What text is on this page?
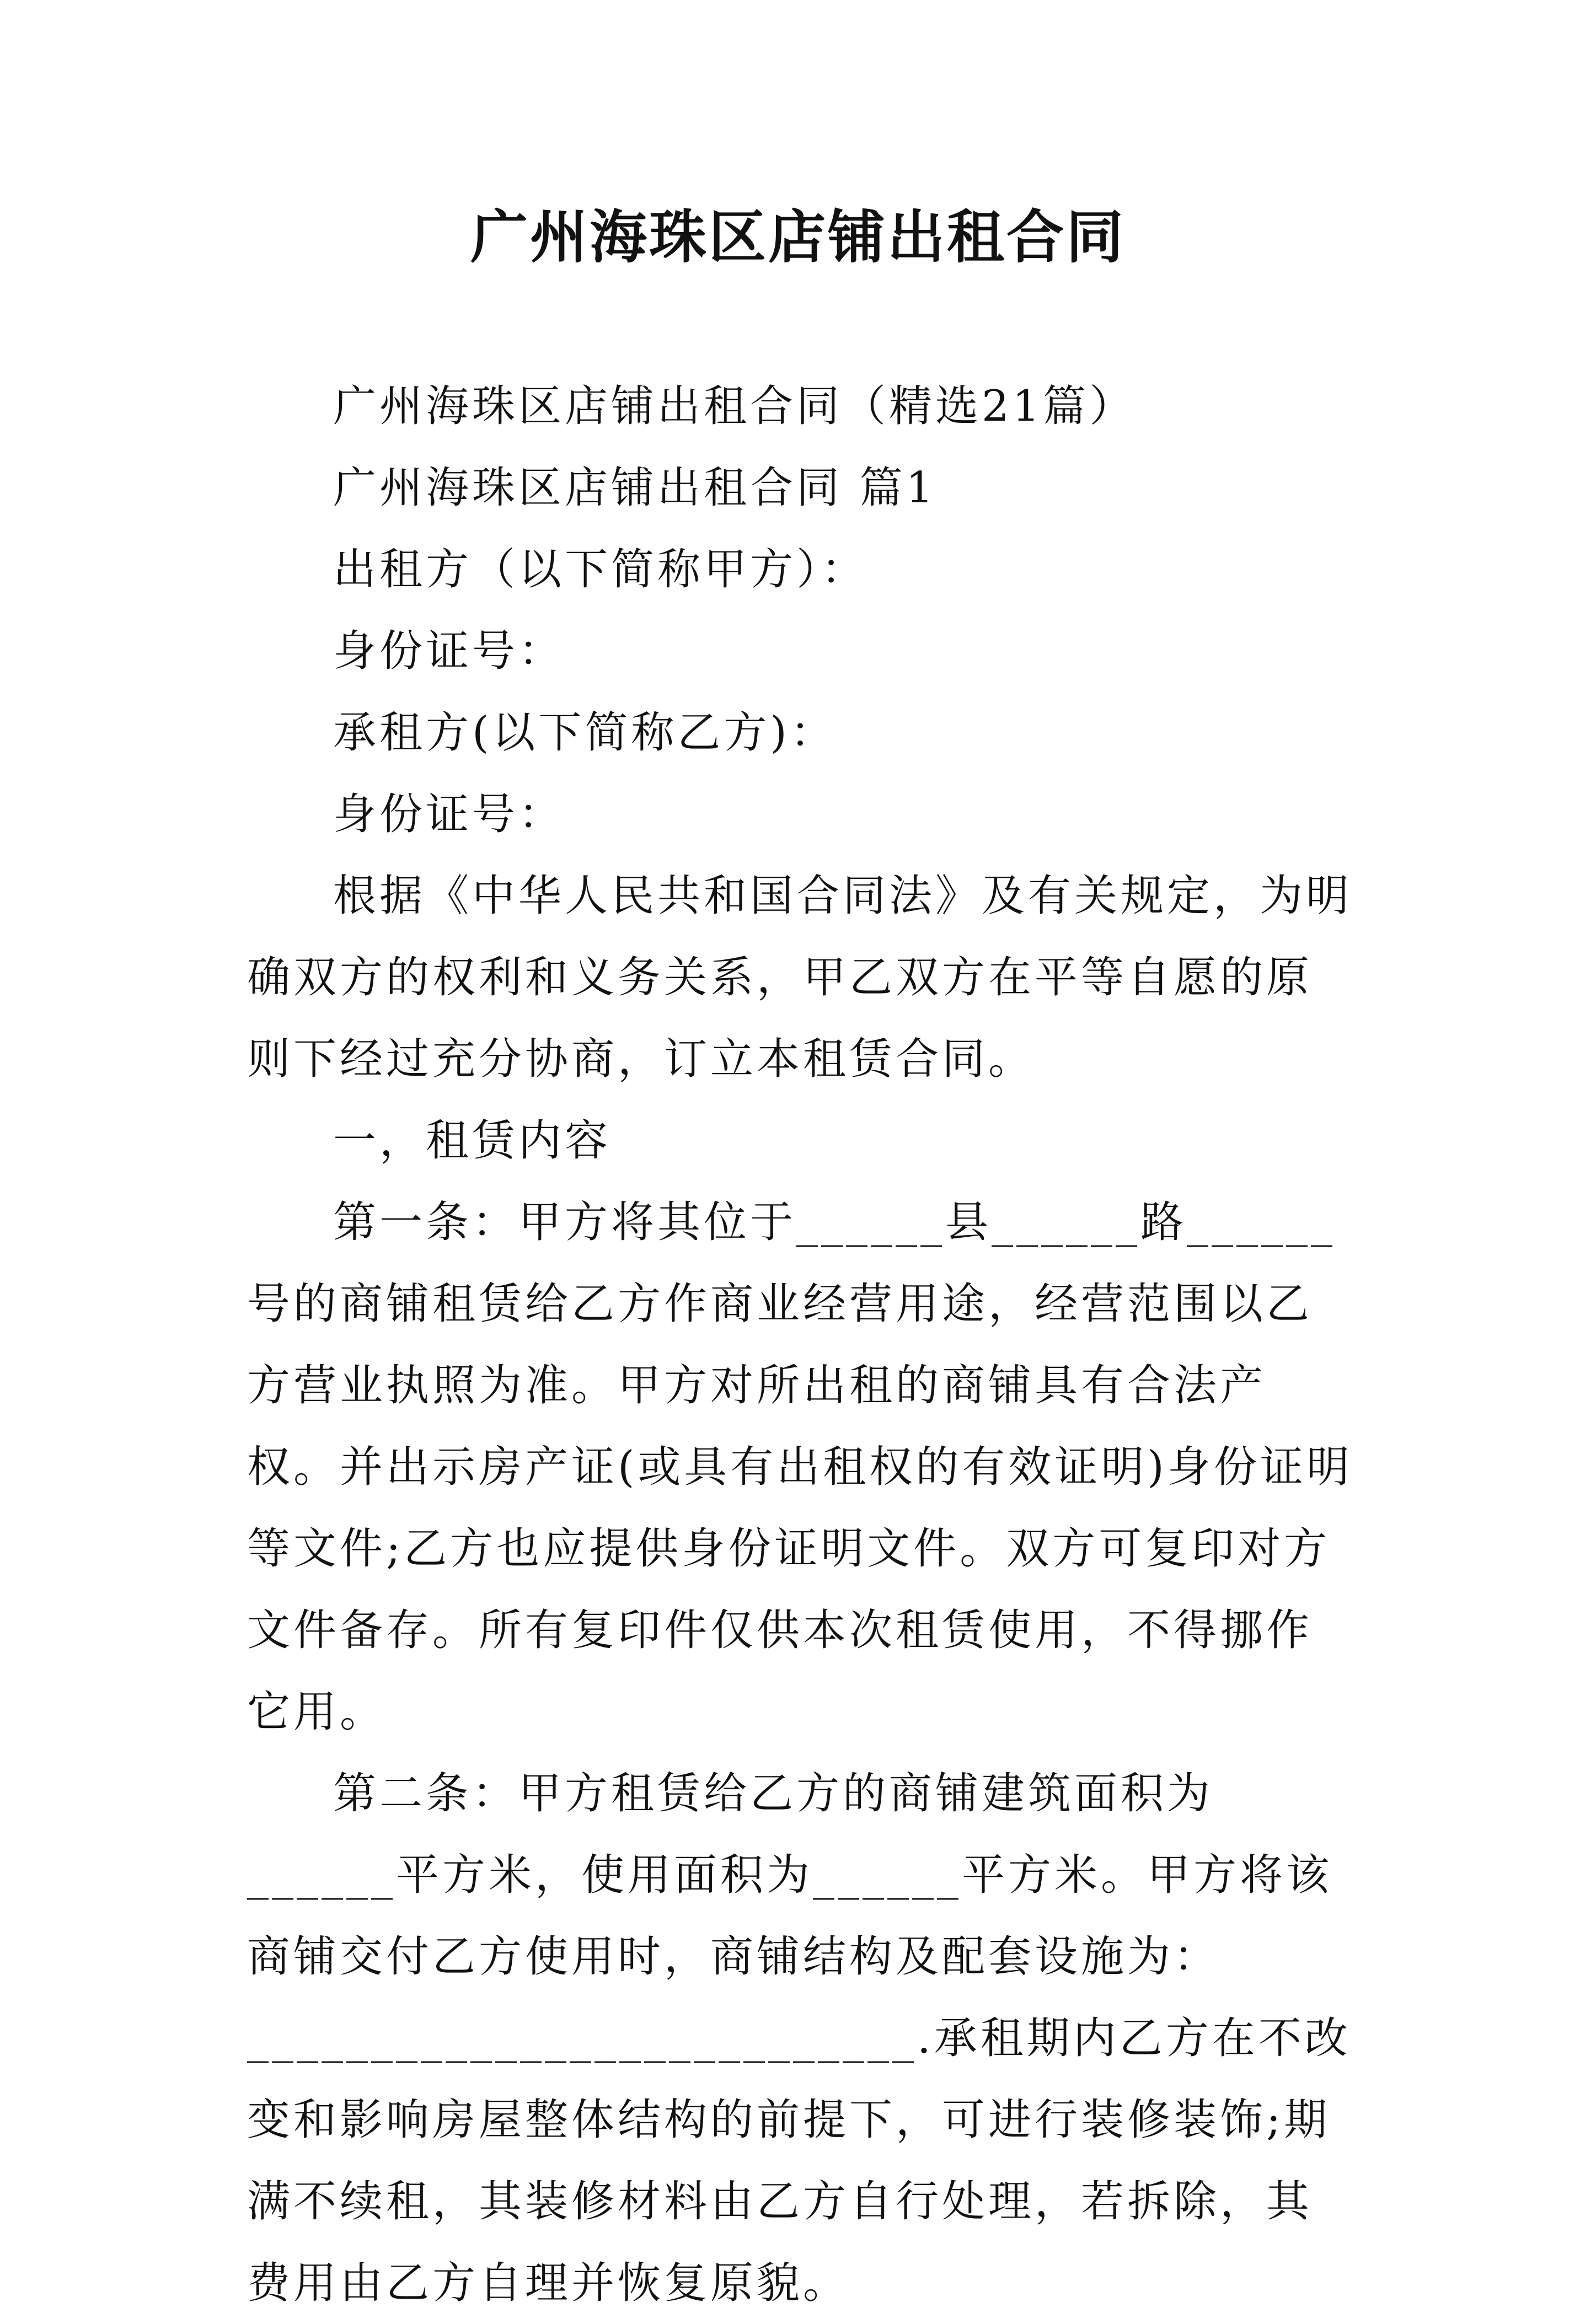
广州海珠区店铺出租合同

广州海珠区店铺出租合同（精选21篇）

广州海珠区店铺出租合同 篇1

出租方（以下简称甲方）：

身份证号：

承租方(以下简称乙方)：

身份证号：

根据《中华人民共和国合同法》及有关规定，为明确双方的权利和义务关系，甲乙双方在平等自愿的原则下经过充分协商，订立本租赁合同。

一，租赁内容

第一条：甲方将其位于______县______路______号的商铺租赁给乙方作商业经营用途，经营范围以乙方营业执照为准。甲方对所出租的商铺具有合法产权。并出示房产证(或具有出租权的有效证明)身份证明等文件;乙方也应提供身份证明文件。双方可复印对方文件备存。所有复印件仅供本次租赁使用，不得挪作它用。

第二条：甲方租赁给乙方的商铺建筑面积为______平方米，使用面积为______平方米。甲方将该商铺交付乙方使用时，商铺结构及配套设施为：___________________________.承租期内乙方在不改变和影响房屋整体结构的前提下，可进行装修装饰;期满不续租，其装修材料由乙方自行处理，若拆除，其费用由乙方自理并恢复原貌。
